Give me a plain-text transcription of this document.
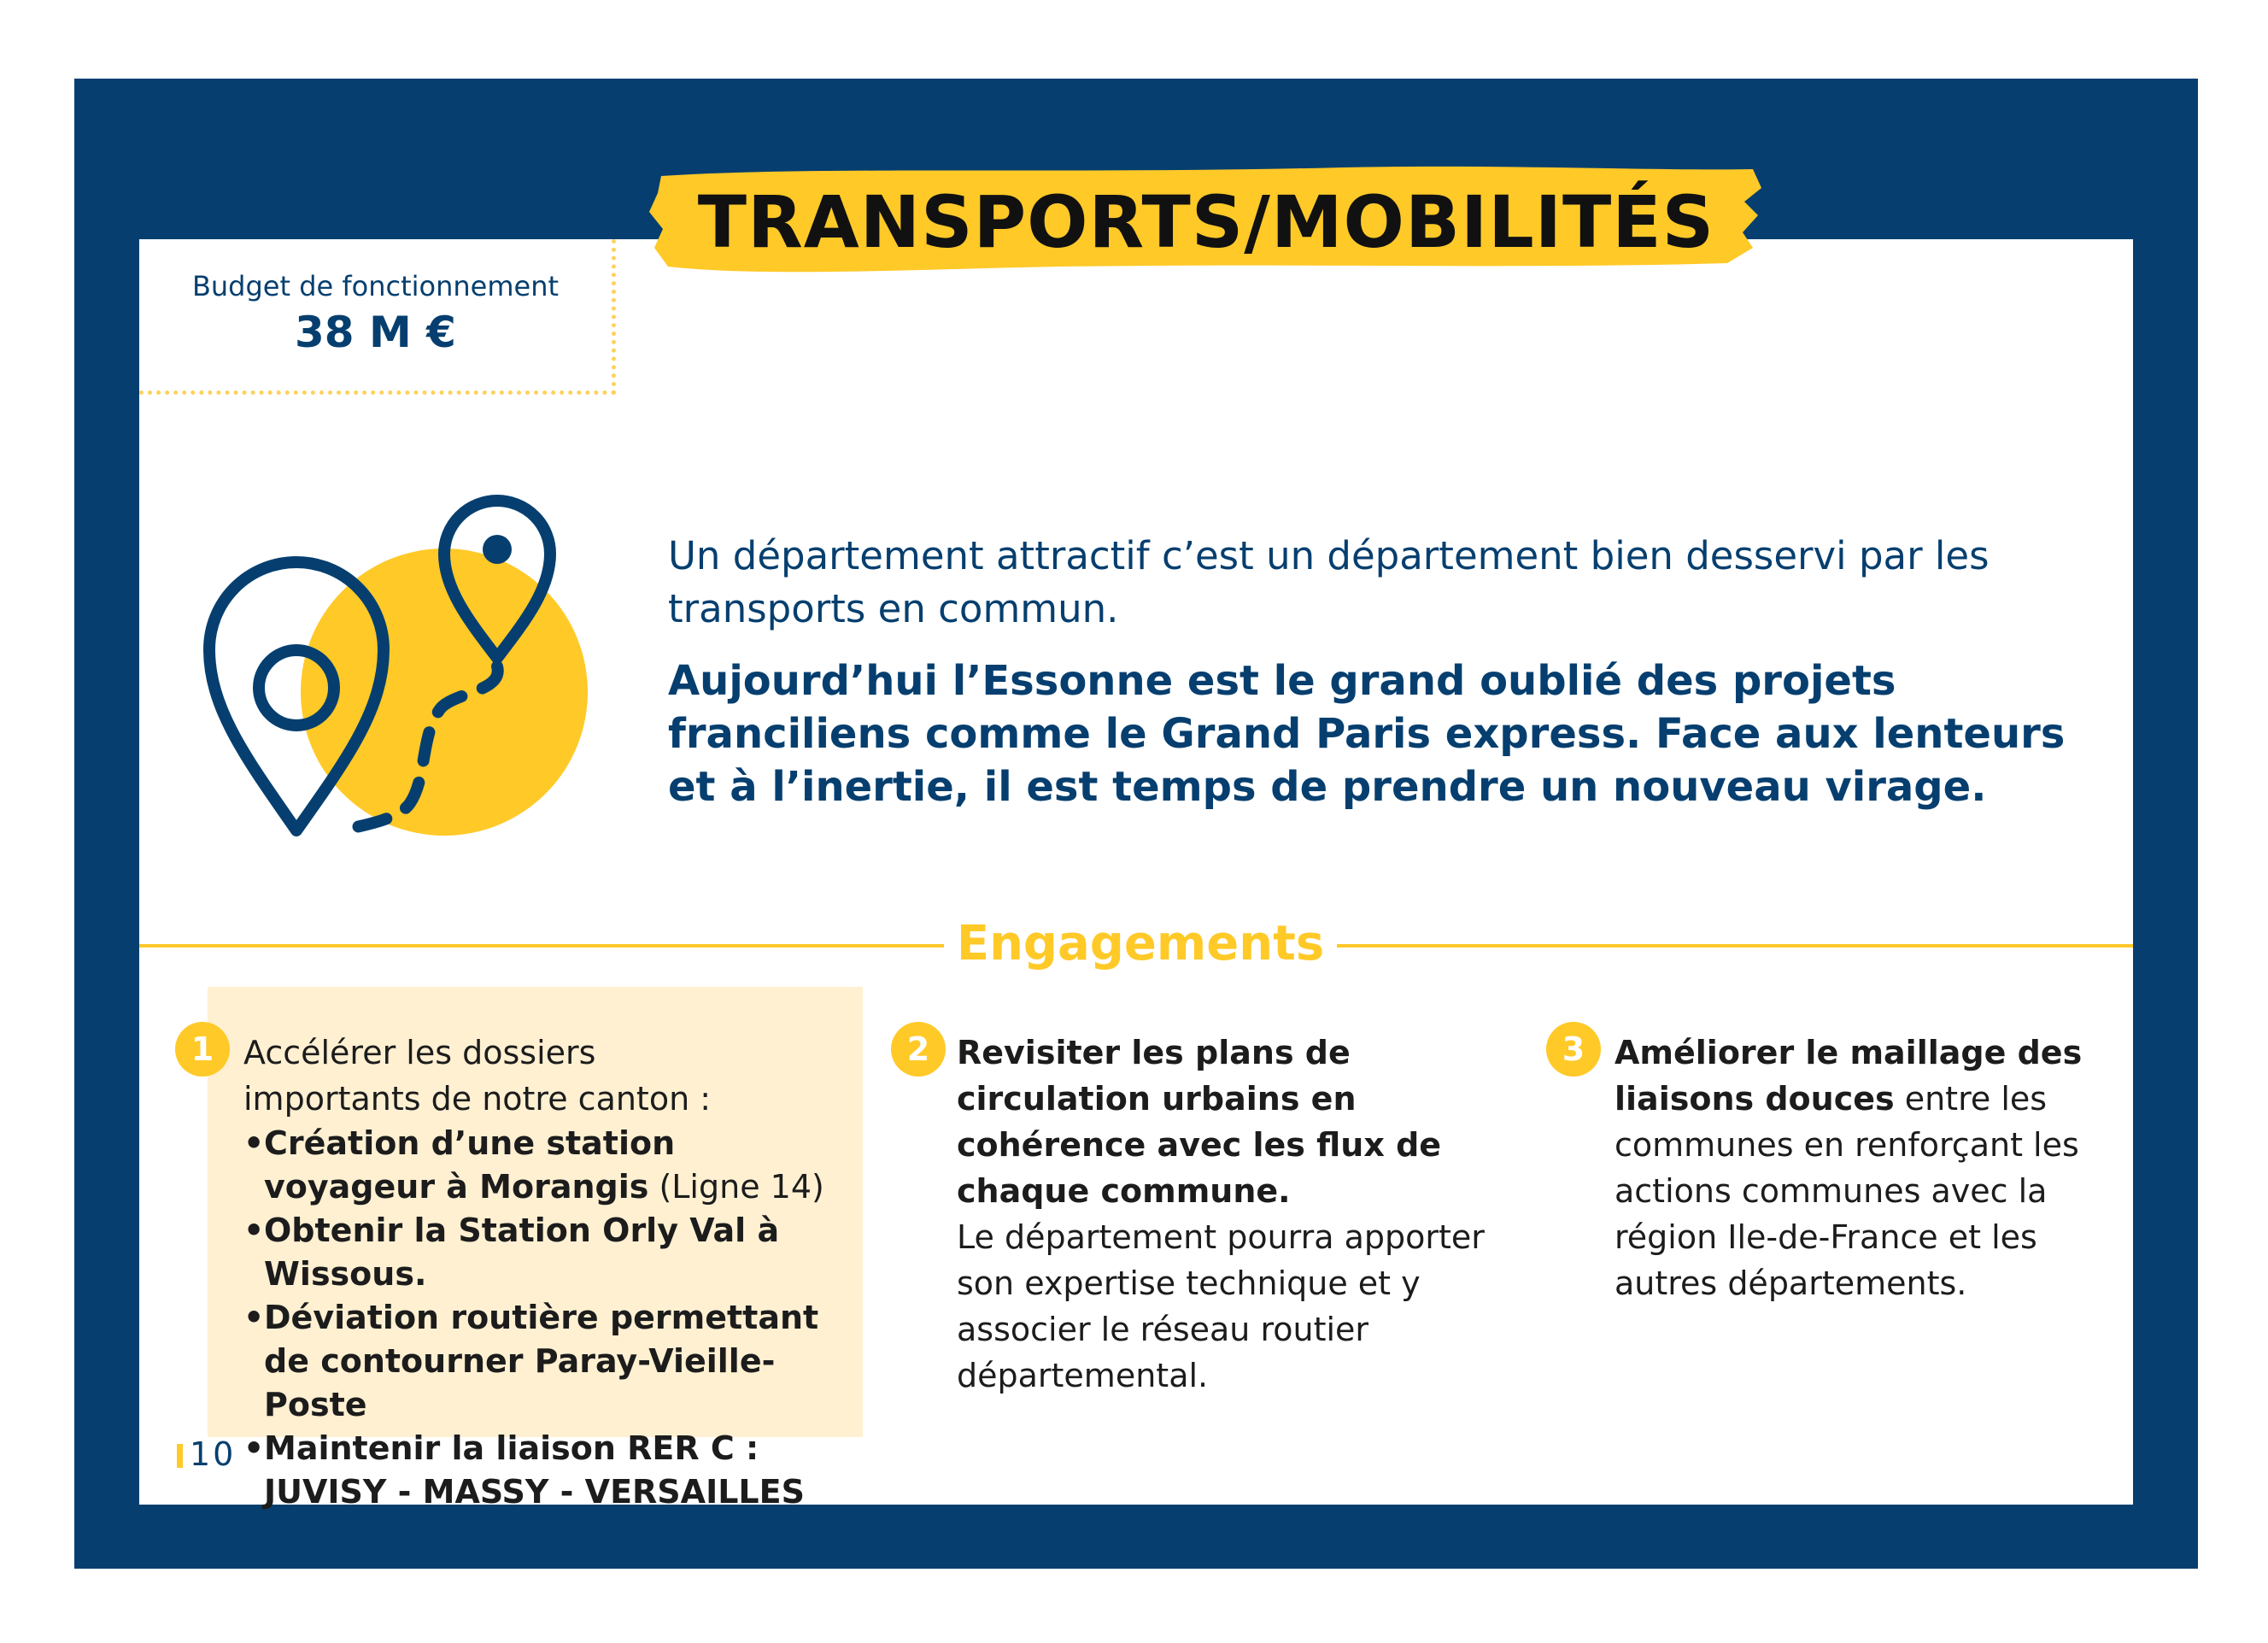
TRANSPORTS/MOBILITÉS
Budget de fonctionnement
38 M €

Un département attractif c’est un département bien desservi par les transports en commun.

Aujourd’hui l’Essonne est le grand oublié des projets franciliens comme le Grand Paris express. Face aux lenteurs et à l’inertie, il est temps de prendre un nouveau virage.

Engagements
1 Accélérer les dossiers importants de notre canton :
• Création d’une station voyageur à Morangis (Ligne 14)
• Obtenir la Station Orly Val à Wissous.
• Déviation routière permettant de contourner Paray-Vieille-Poste
• Maintenir la liaison RER C : JUVISY - MASSY - VERSAILLES
2 Revisiter les plans de circulation urbains en cohérence avec les flux de chaque commune.
Le département pourra apporter son expertise technique et y associer le réseau routier départemental.
3 Améliorer le maillage des liaisons douces entre les communes en renforçant les actions communes avec la région Ile-de-France et les autres départements.
10
